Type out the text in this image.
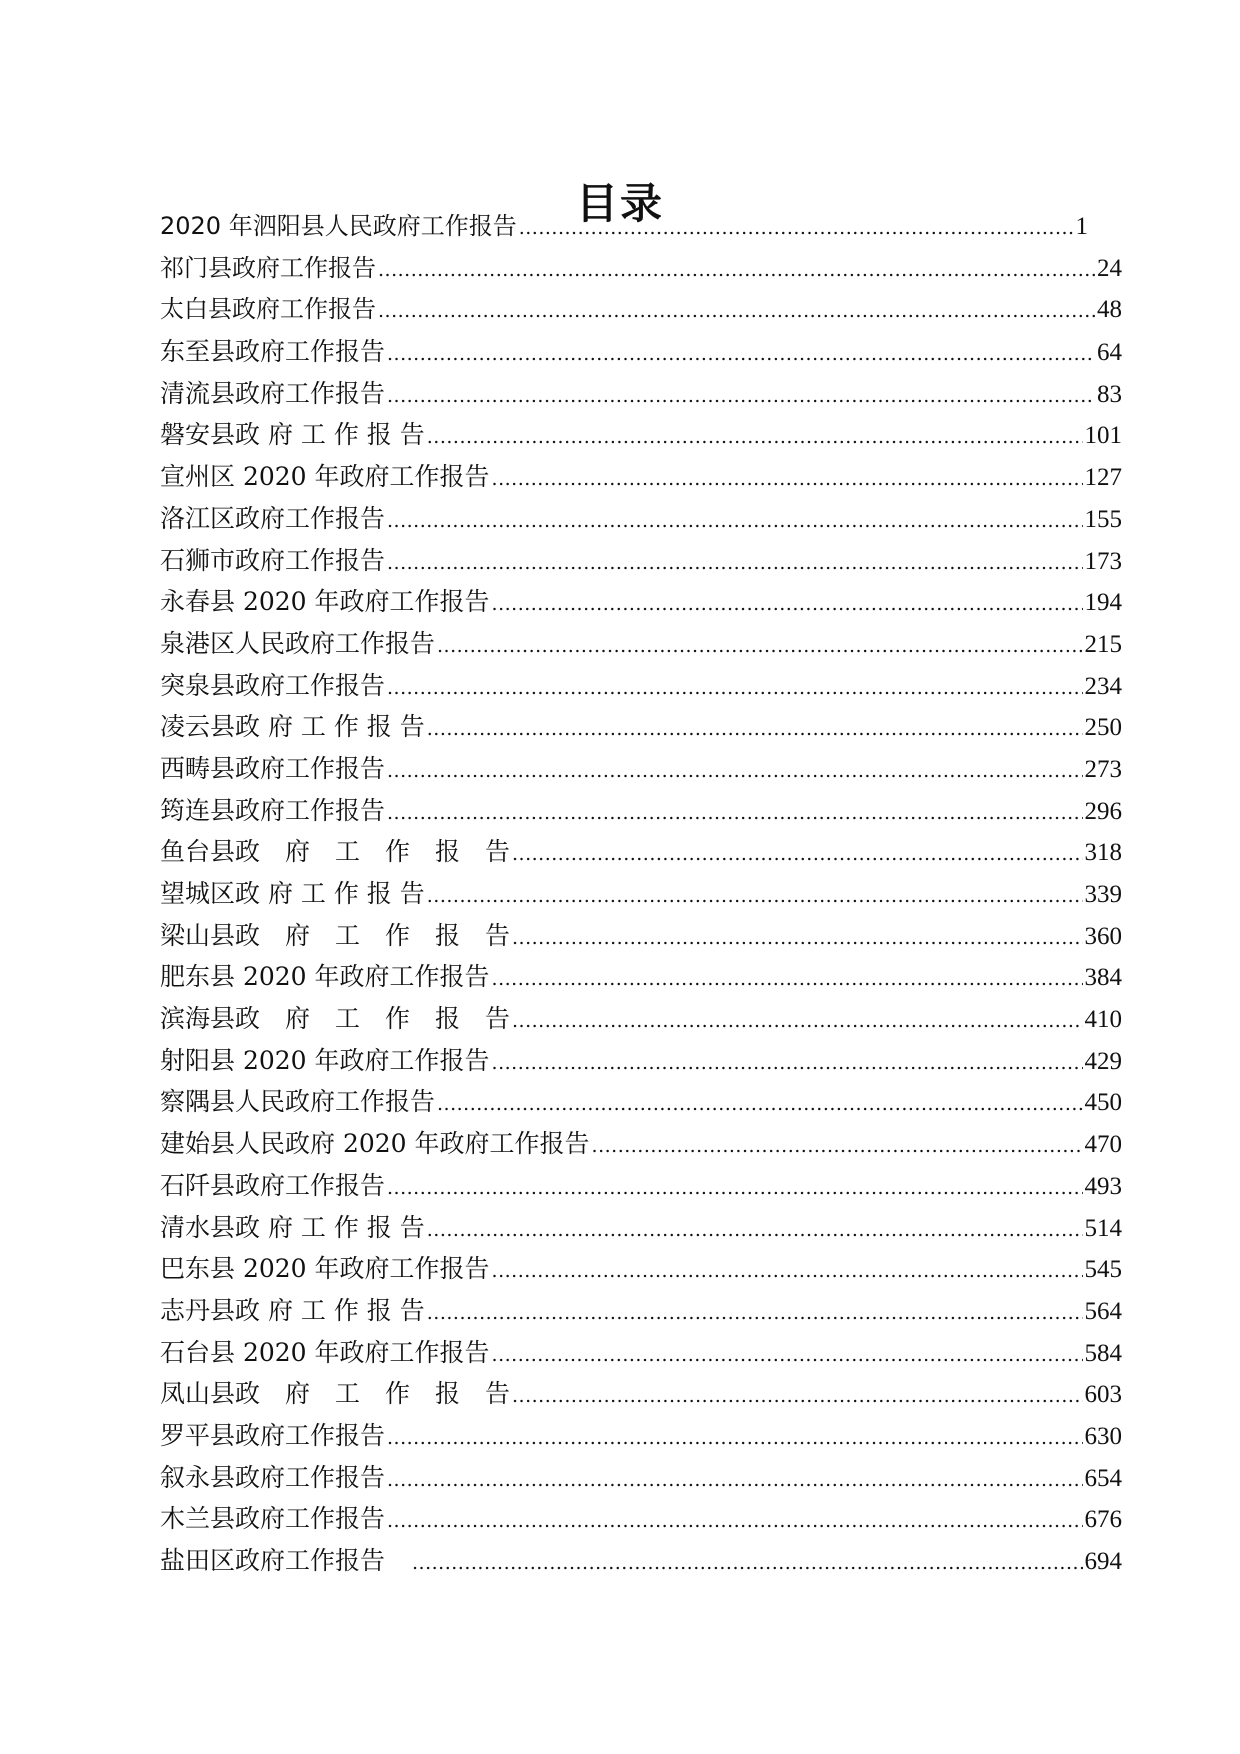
目录
2020 年泗阳县人民政府工作报告 .....	1
祁门县政府工作报告 .....	24
太白县政府工作报告 .....	48
东至县政府工作报告 .....	64
清流县政府工作报告 .....	83
磐安县政 府 工 作 报 告 .....	101
宣州区 2020 年政府工作报告 .....	127
洛江区政府工作报告 .....	155
石狮市政府工作报告 .....	173
永春县 2020 年政府工作报告 .....	194
泉港区人民政府工作报告 .....	215
突泉县政府工作报告 .....	234
凌云县政 府 工 作 报 告 .....	250
西畴县政府工作报告 .....	273
筠连县政府工作报告 .....	296
鱼台县政　府　工　作　报　告 .....	318
望城区政 府 工 作 报 告 .....	339
梁山县政　府　工　作　报　告 .....	360
肥东县 2020 年政府工作报告 .....	384
滨海县政　府　工　作　报　告 .....	410
射阳县 2020 年政府工作报告 .....	429
察隅县人民政府工作报告 .....	450
建始县人民政府 2020 年政府工作报告 .....	470
石阡县政府工作报告 .....	493
清水县政 府 工 作 报 告 .....	514
巴东县 2020 年政府工作报告 .....	545
志丹县政 府 工 作 报 告 .....	564
石台县 2020 年政府工作报告 .....	584
凤山县政　府　工　作　报　告 .....	603
罗平县政府工作报告 .....	630
叙永县政府工作报告 .....	654
木兰县政府工作报告 .....	676
盐田区政府工作报告　 .....	694
